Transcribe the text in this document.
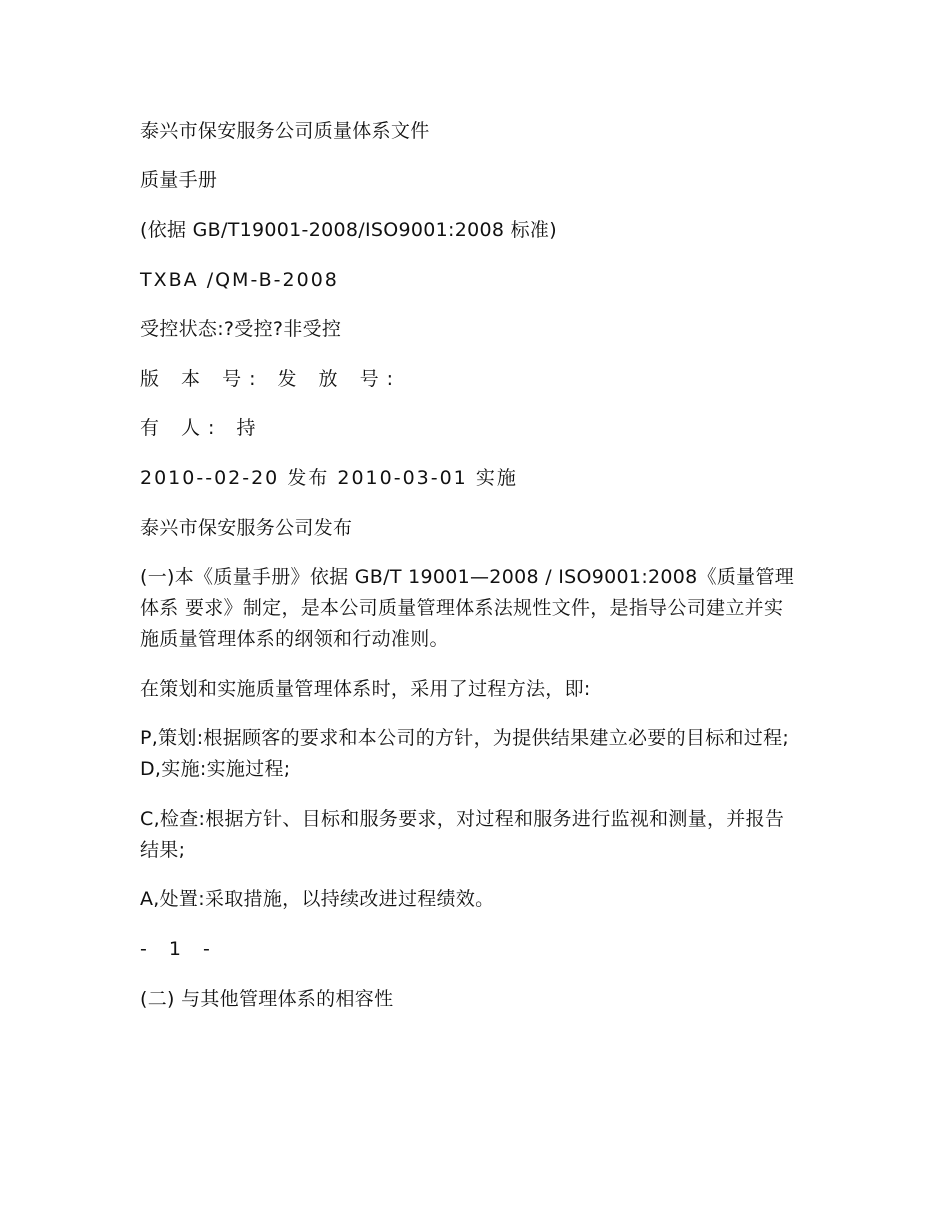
泰兴市保安服务公司质量体系文件

质量手册

(依据 GB/T19001-2008/ISO9001:2008 标准)

TXBA /QM-B-2008

受控状态:?受控?非受控

版 本 号: 发 放 号:

有 人: 持

2010--02-20 发布 2010-03-01 实施

泰兴市保安服务公司发布

(一)本《质量手册》依据 GB/T 19001—2008 / ISO9001:2008《质量管理体系 要求》制定，是本公司质量管理体系法规性文件，是指导公司建立并实施质量管理体系的纲领和行动准则。

在策划和实施质量管理体系时，采用了过程方法，即:

P,策划:根据顾客的要求和本公司的方针，为提供结果建立必要的目标和过程; D,实施:实施过程;

C,检查:根据方针、目标和服务要求，对过程和服务进行监视和测量，并报告结果;

A,处置:采取措施，以持续改进过程绩效。

- 1 -

(二) 与其他管理体系的相容性
